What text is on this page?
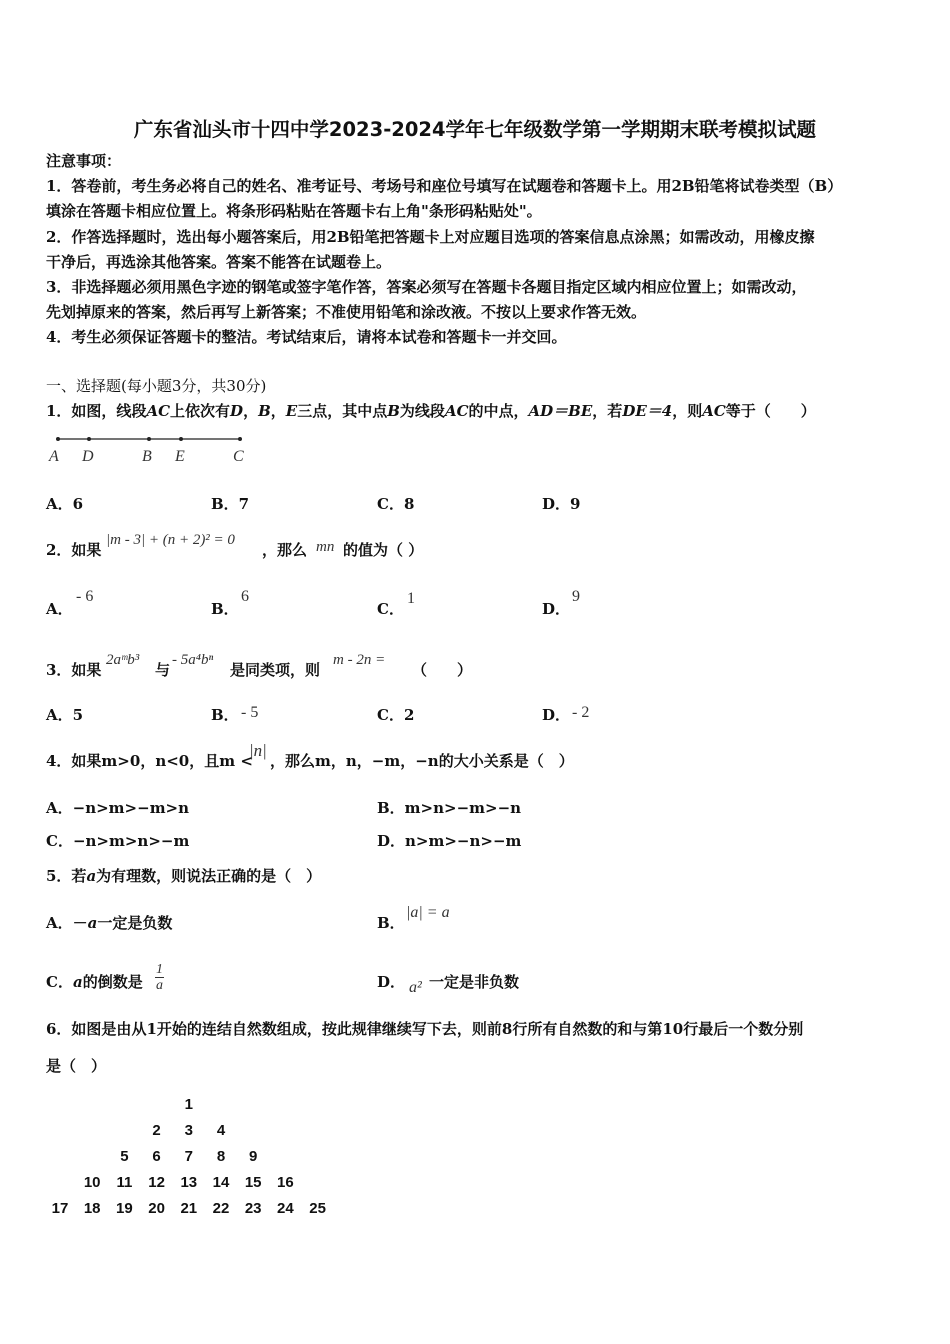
广东省汕头市十四中学2023-2024学年七年级数学第一学期期末联考模拟试题
注意事项：
1．答卷前，考生务必将自己的姓名、准考证号、考场号和座位号填写在试题卷和答题卡上。用2B铅笔将试卷类型（B）
填涂在答题卡相应位置上。将条形码粘贴在答题卡右上角"条形码粘贴处"。
2．作答选择题时，选出每小题答案后，用2B铅笔把答题卡上对应题目选项的答案信息点涂黑；如需改动，用橡皮擦
干净后，再选涂其他答案。答案不能答在试题卷上。
3．非选择题必须用黑色字迹的钢笔或签字笔作答，答案必须写在答题卡各题目指定区域内相应位置上；如需改动，
先划掉原来的答案，然后再写上新答案；不准使用铅笔和涂改液。不按以上要求作答无效。
4．考生必须保证答题卡的整洁。考试结束后，请将本试卷和答题卡一并交回。
一、选择题(每小题3分，共30分)
1．如图，线段AC上依次有D，B，E三点，其中点B为线段AC的中点，AD＝BE，若DE＝4，则AC等于（　　）
A D	B E	C
A．6	B．7	C．8	D．9
2．如果
|m - 3| + (n + 2)² = 0
，那么 mn 的值为（ ）
A．
- 6
B．
6
C．
1
D．
9
3．如果
2aᵐb³
与
- 5a⁴bⁿ
是同类项，则
m - 2n =
（　　）
A．5	B． - 5	C．2	D． - 2
4．如果m>0，n<0，且m <
|n|
，那么m，n，−m，−n的大小关系是（　）
A．−n>m>−m>n	B．m>n>−m>−n
C．−n>m>n>−m	D．n>m>−n>−m
5．若a为有理数，则说法正确的是（　）
A．－a一定是负数	B．
|a| = a
C．a的倒数是 $\frac{1}{a}$	D． a² 一定是非负数
6．如图是由从1开始的连结自然数组成，按此规律继续写下去，则前8行所有自然数的和与第10行最后一个数分别
是（　）
1
2	3	4
5	6	7	8	9
10 11 12 13 14 15 16
17 18 19 20 21 22 23 24 25
